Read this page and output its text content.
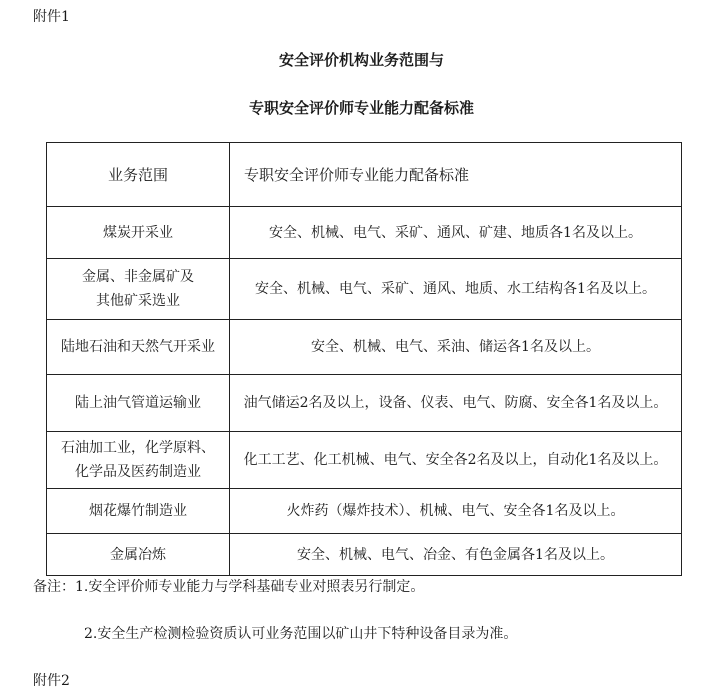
附件1
安全评价机构业务范围与
专职安全评价师专业能力配备标准
业务范围	专职安全评价师专业能力配备标准
煤炭开采业	安全、机械、电气、采矿、通风、矿建、地质各1名及以上。
金属、非金属矿及
其他矿采选业	安全、机械、电气、采矿、通风、地质、水工结构各1名及以上。
陆地石油和天然气开采业	安全、机械、电气、采油、储运各1名及以上。
陆上油气管道运输业	油气储运2名及以上，设备、仪表、电气、防腐、安全各1名及以上。
石油加工业，化学原料、
化学品及医药制造业	化工工艺、化工机械、电气、安全各2名及以上，自动化1名及以上。
烟花爆竹制造业	火炸药（爆炸技术）、机械、电气、安全各1名及以上。
金属冶炼	安全、机械、电气、冶金、有色金属各1名及以上。
备注：1.安全评价师专业能力与学科基础专业对照表另行制定。
2.安全生产检测检验资质认可业务范围以矿山井下特种设备目录为准。
附件2
